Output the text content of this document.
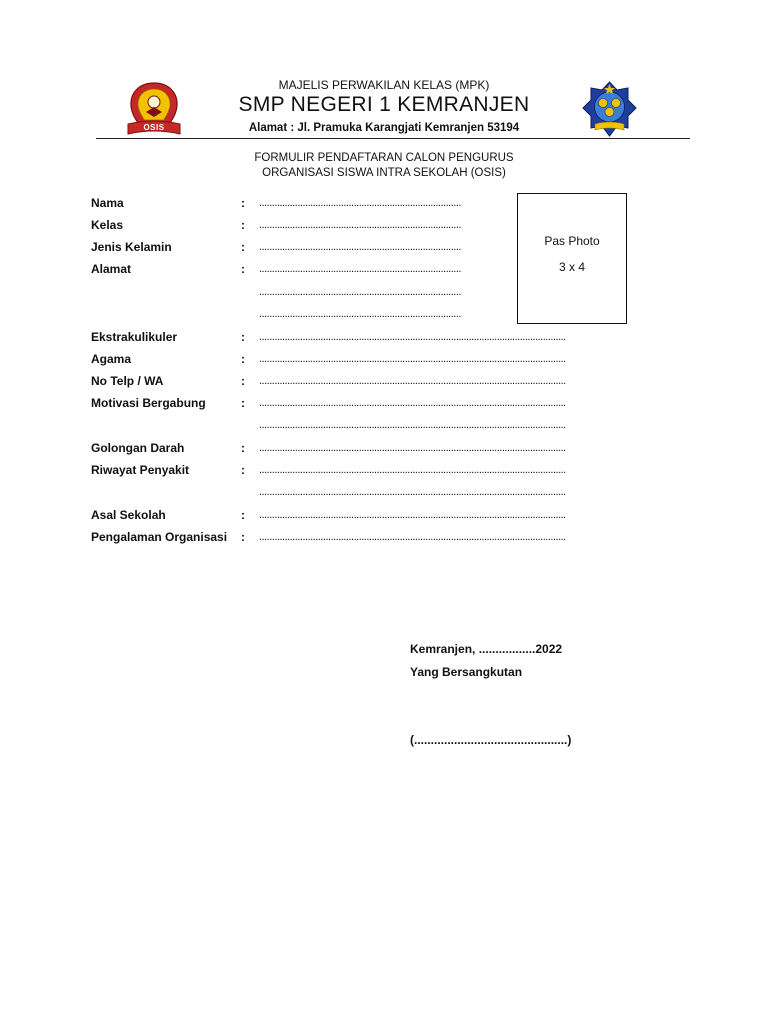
OSIS
MAJELIS PERWAKILAN KELAS (MPK)
SMP NEGERI 1 KEMRANJEN
Alamat : Jl. Pramuka Karangjati Kemranjen 53194
FORMULIR PENDAFTARAN CALON PENGURUS
ORGANISASI SISWA INTRA SEKOLAH (OSIS)
Pas Photo
3 x 4
Nama	: ...............................................................................
Kelas	: ...............................................................................
Jenis Kelamin	: ...............................................................................
Alamat	: ...............................................................................
...............................................................................
...............................................................................
Ekstrakulikuler	: ........................................................................................................................
Agama	: ........................................................................................................................
No Telp / WA	: ........................................................................................................................
Motivasi Bergabung	: ........................................................................................................................
........................................................................................................................
Golongan Darah	: ........................................................................................................................
Riwayat Penyakit	: ........................................................................................................................
........................................................................................................................
Asal Sekolah	: ........................................................................................................................
Pengalaman Organisasi : ........................................................................................................................
Kemranjen, .................2022
Yang Bersangkutan
(..............................................)
